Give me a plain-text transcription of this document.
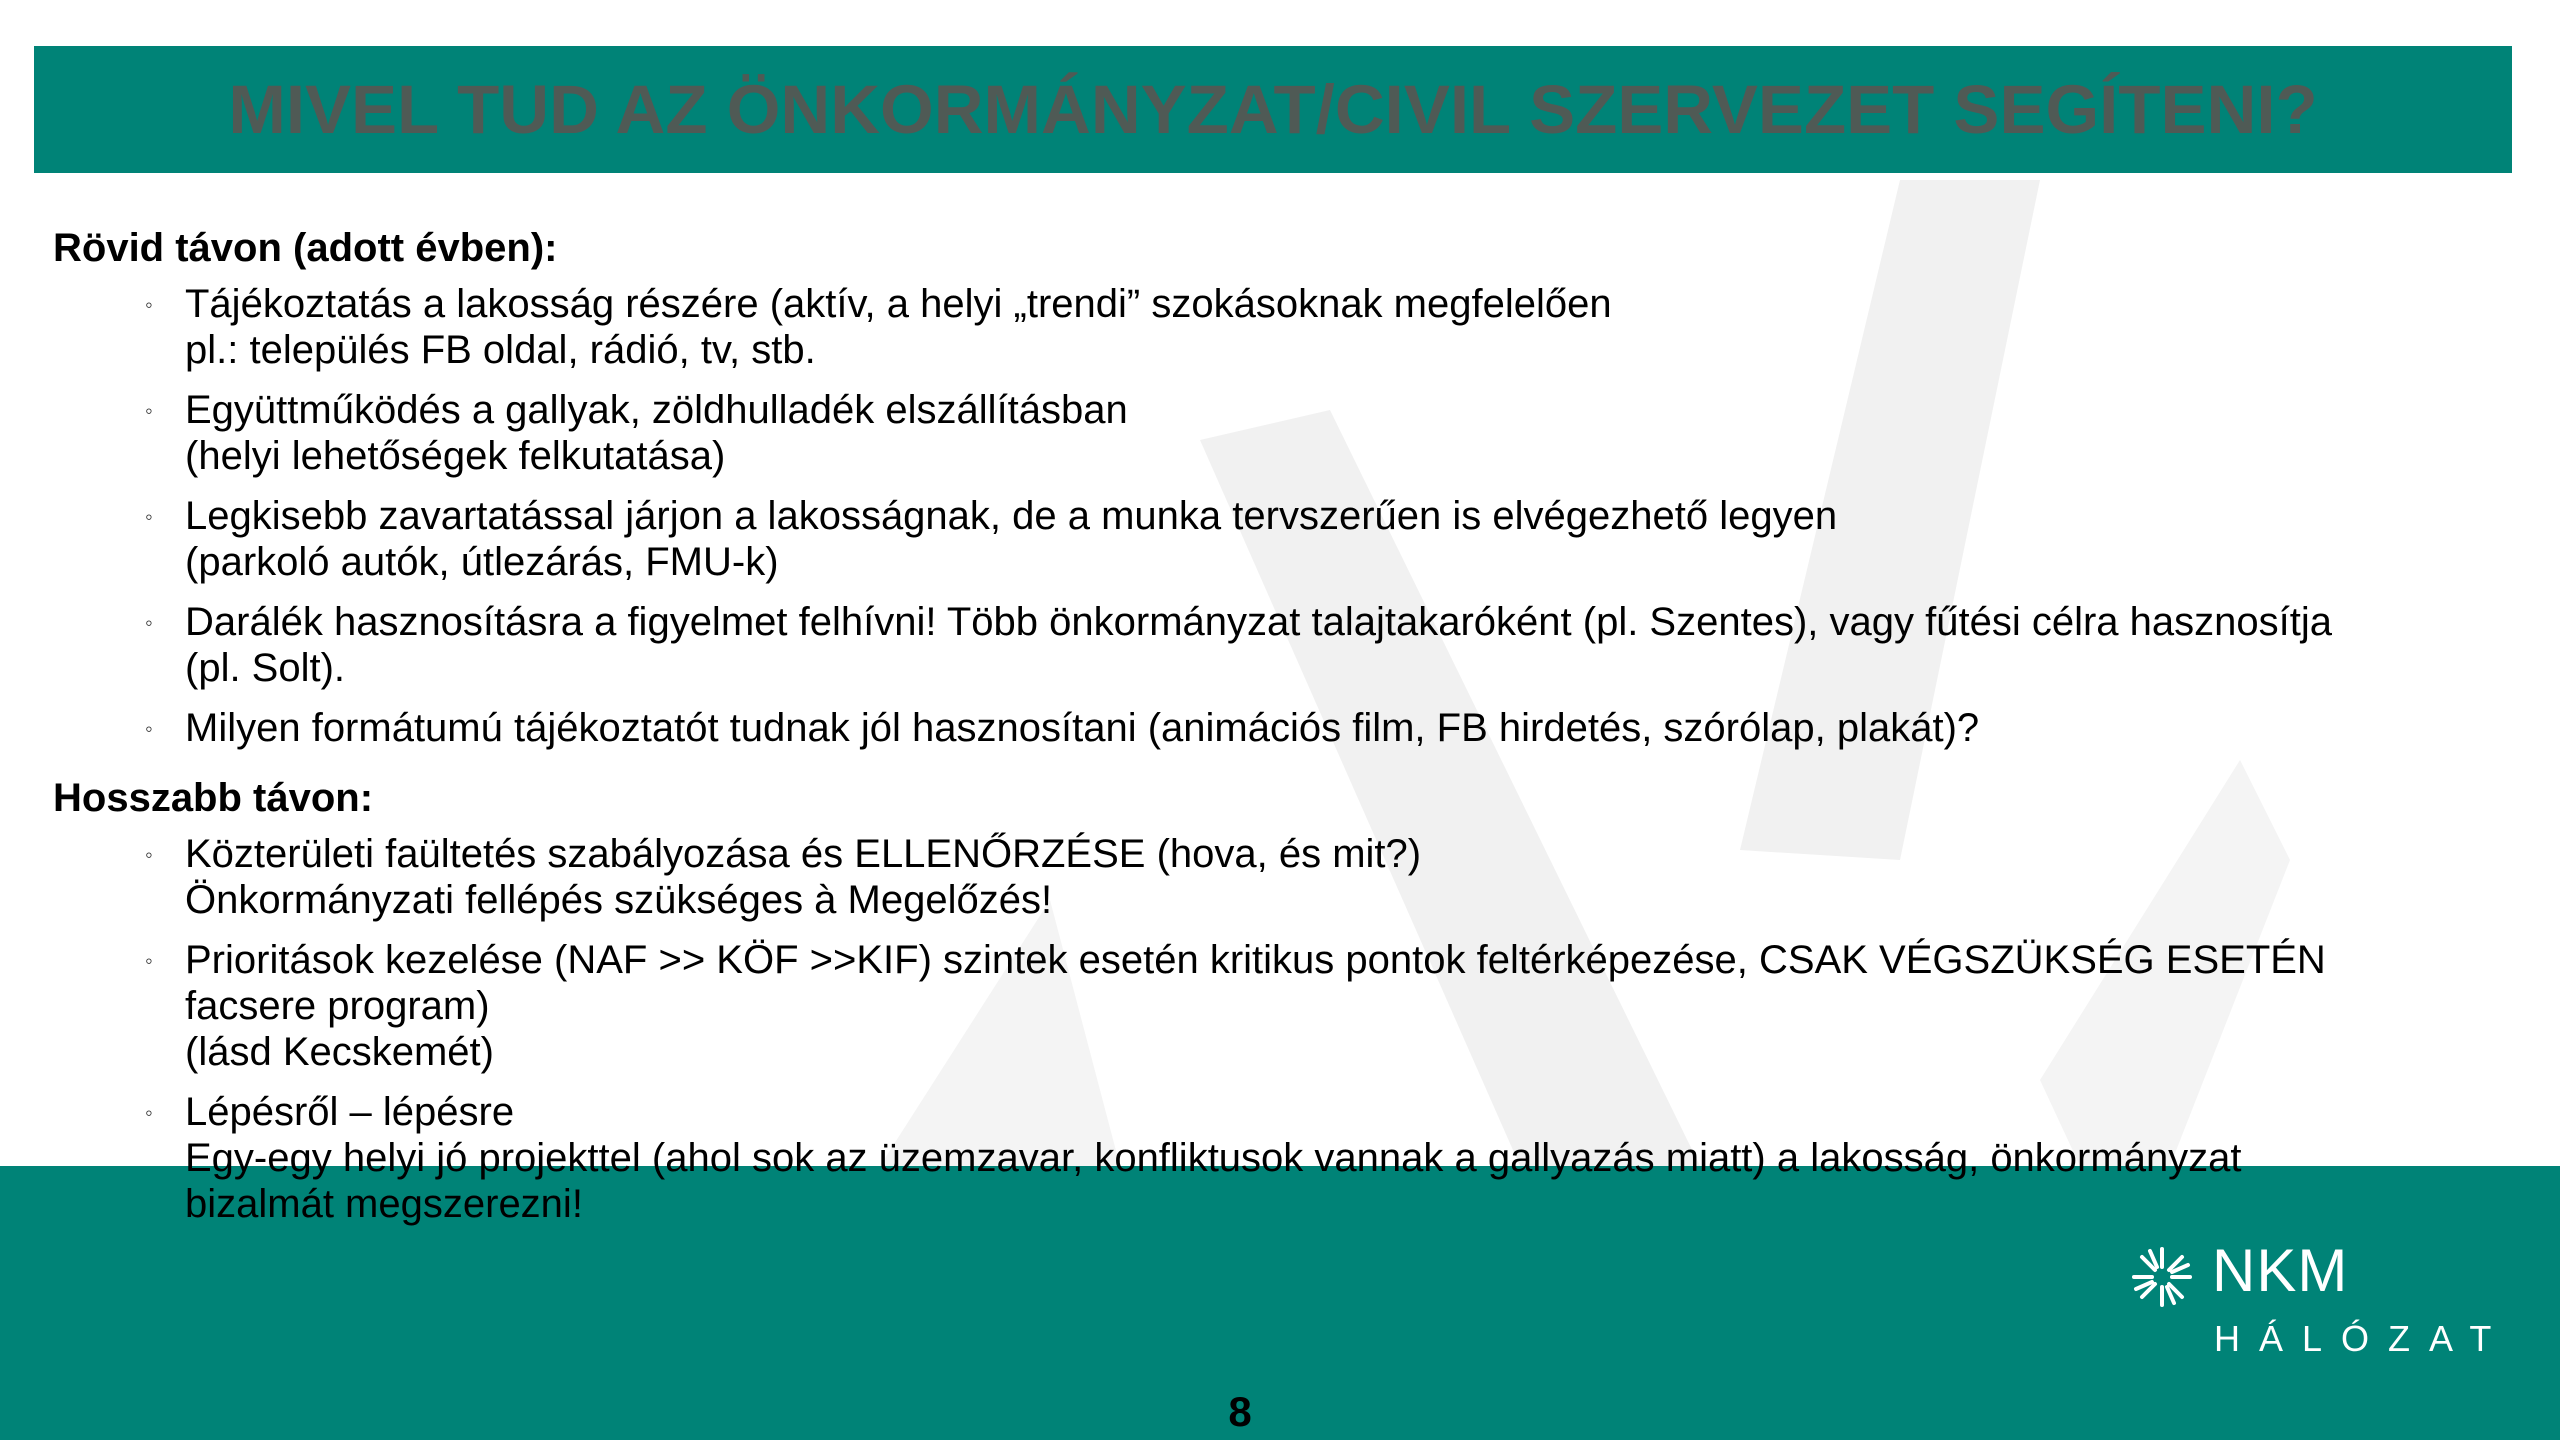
MIVEL TUD AZ ÖNKORMÁNYZAT/CIVIL SZERVEZET SEGÍTENI?
Rövid távon (adott évben):
◦ Tájékoztatás a lakosság részére (aktív, a helyi „trendi” szokásoknak megfelelően
pl.: település FB oldal, rádió, tv, stb.
◦ Együttműködés a gallyak, zöldhulladék elszállításban
(helyi lehetőségek felkutatása)
◦ Legkisebb zavartatással járjon a lakosságnak, de a munka tervszerűen is elvégezhető legyen
(parkoló autók, útlezárás, FMU-k)
◦ Darálék hasznosításra a figyelmet felhívni! Több önkormányzat talajtakaróként (pl. Szentes), vagy fűtési célra hasznosítja
(pl. Solt).
◦ Milyen formátumú tájékoztatót tudnak jól hasznosítani (animációs film, FB hirdetés, szórólap, plakát)?
Hosszabb távon:
◦ Közterületi faültetés szabályozása és ELLENŐRZÉSE (hova, és mit?)
Önkormányzati fellépés szükséges à Megelőzés!
◦ Prioritások kezelése (NAF >> KÖF >>KIF) szintek esetén kritikus pontok feltérképezése, CSAK VÉGSZÜKSÉG ESETÉN
facsere program)
(lásd Kecskemét)
◦ Lépésről – lépésre
Egy-egy helyi jó projekttel (ahol sok az üzemzavar, konfliktusok vannak a gallyazás miatt) a lakosság, önkormányzat
bizalmát megszerezni!
NKM
HÁLÓZAT
8
